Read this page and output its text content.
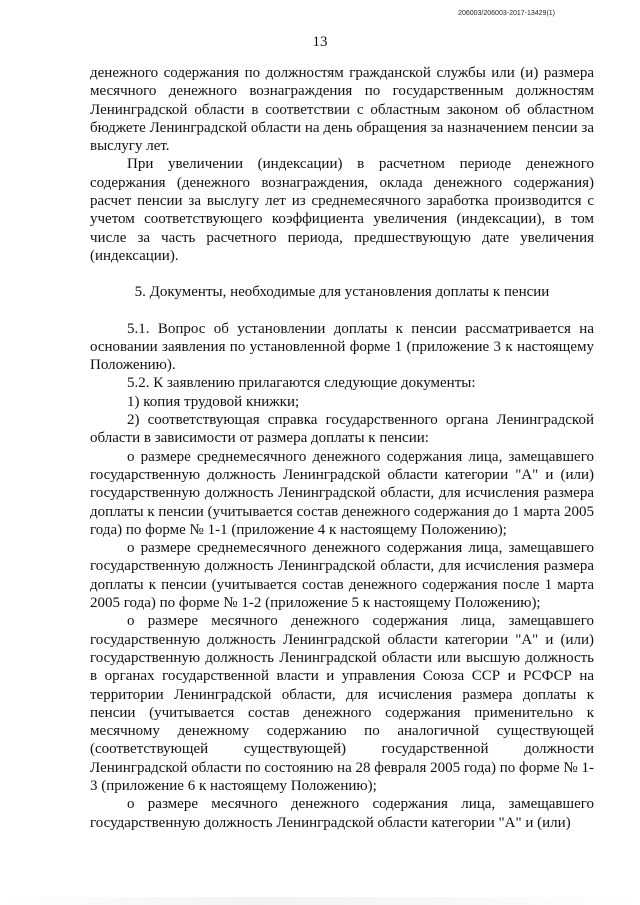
206003/206003-2017-13429(1)
13

денежного содержания по должностям гражданской службы или (и) размера месячного денежного вознаграждения по государственным должностям Ленинградской области в соответствии с областным законом об областном бюджете Ленинградской области на день обращения за назначением пенсии за выслугу лет.

При увеличении (индексации) в расчетном периоде денежного содержания (денежного вознаграждения, оклада денежного содержания) расчет пенсии за выслугу лет из среднемесячного заработка производится с учетом соответствующего коэффициента увеличения (индексации), в том числе за часть расчетного периода, предшествующую дате увеличения (индексации).

5. Документы, необходимые для установления доплаты к пенсии

5.1. Вопрос об установлении доплаты к пенсии рассматривается на основании заявления по установленной форме 1 (приложение 3 к настоящему Положению).

5.2. К заявлению прилагаются следующие документы:

1) копия трудовой книжки;

2) соответствующая справка государственного органа Ленинградской области в зависимости от размера доплаты к пенсии:

о размере среднемесячного денежного содержания лица, замещавшего государственную должность Ленинградской области категории "А" и (или) государственную должность Ленинградской области, для исчисления размера доплаты к пенсии (учитывается состав денежного содержания до 1 марта 2005 года) по форме № 1-1 (приложение 4 к настоящему Положению);

о размере среднемесячного денежного содержания лица, замещавшего государственную должность Ленинградской области, для исчисления размера доплаты к пенсии (учитывается состав денежного содержания после 1 марта 2005 года) по форме № 1-2 (приложение 5 к настоящему Положению);

о размере месячного денежного содержания лица, замещавшего государственную должность Ленинградской области категории "А" и (или) государственную должность Ленинградской области или высшую должность в органах государственной власти и управления Союза ССР и РСФСР на территории Ленинградской области, для исчисления размера доплаты к пенсии (учитывается состав денежного содержания применительно к месячному денежному содержанию по аналогичной существующей (соответствующей существующей) государственной должности Ленинградской области по состоянию на 28 февраля 2005 года) по форме № 1-3 (приложение 6 к настоящему Положению);

о размере месячного денежного содержания лица, замещавшего государственную должность Ленинградской области категории "А" и (или)
